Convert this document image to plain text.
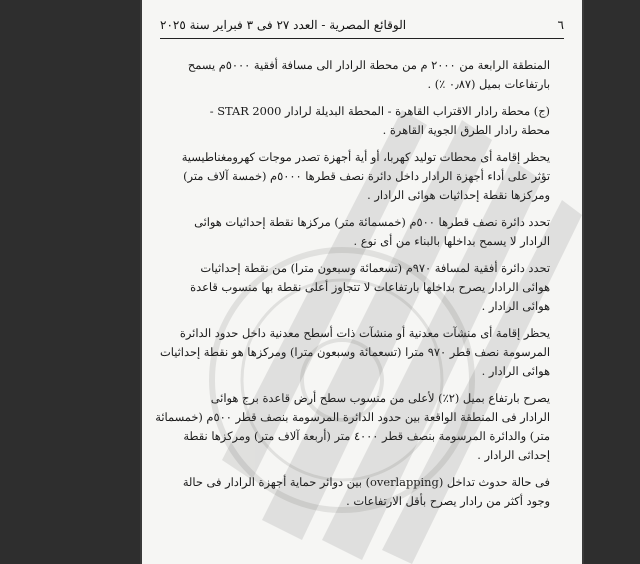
٦
الوقائع المصرية - العدد ٢٧ فى ٣ فبراير سنة ٢٠٢٥
المنطقة الرابعة من ٢٠٠٠ م من محطة الرادار الى مسافة أفقية ٥٠٠٠م يسمح
بارتفاعات بميل (٠٫٨٧ ٪) .
(ج) محطة رادار الاقتراب القاهرة - المحطة البديلة لرادار STAR 2000 -
محطة رادار الطرق الجوية القاهرة .
يحظر إقامة أى محطات توليد كهربا، أو أية أجهزة تصدر موجات كهرومغناطيسية
تؤثر على أداء أجهزة الرادار داخل دائرة نصف قطرها ٥٠٠٠م (خمسة آلاف متر)
ومركزها نقطة إحداثيات هوائى الرادار .
تحدد دائرة نصف قطرها ٥٠٠م (خمسمائة متر) مركزها نقطة إحداثيات هوائى
الرادار لا يسمح بداخلها بالبناء من أى نوع .
تحدد دائرة أفقية لمسافة ٩٧٠م (تسعمائة وسبعون مترا) من نقطة إحداثيات
هوائى الرادار يصرح بداخلها بارتفاعات لا تتجاوز أعلى نقطة بها منسوب قاعدة
هوائى الرادار .
يحظر إقامة أى منشآت معدنية أو منشآت ذات أسطح معدنية داخل حدود الدائرة
المرسومة نصف قطر ٩٧٠ مترا (تسعمائة وسبعون مترا) ومركزها هو نقطة إحداثيات
هوائى الرادار .
يصرح بارتفاع بميل (٢٪) لأعلى من منسوب سطح أرض قاعدة برج هوائى
الرادار فى المنطقة الواقعة بين حدود الدائرة المرسومة بنصف قطر ٥٠٠م (خمسمائة
متر) والدائرة المرسومة بنصف قطر ٤٠٠٠ متر (أربعة آلاف متر) ومركزها نقطة
إحداثى الرادار .
فى حالة حدوث تداخل (overlapping) بين دوائر حماية أجهزة الرادار فى حالة
وجود أكثر من رادار يصرح بأقل الارتفاعات .
